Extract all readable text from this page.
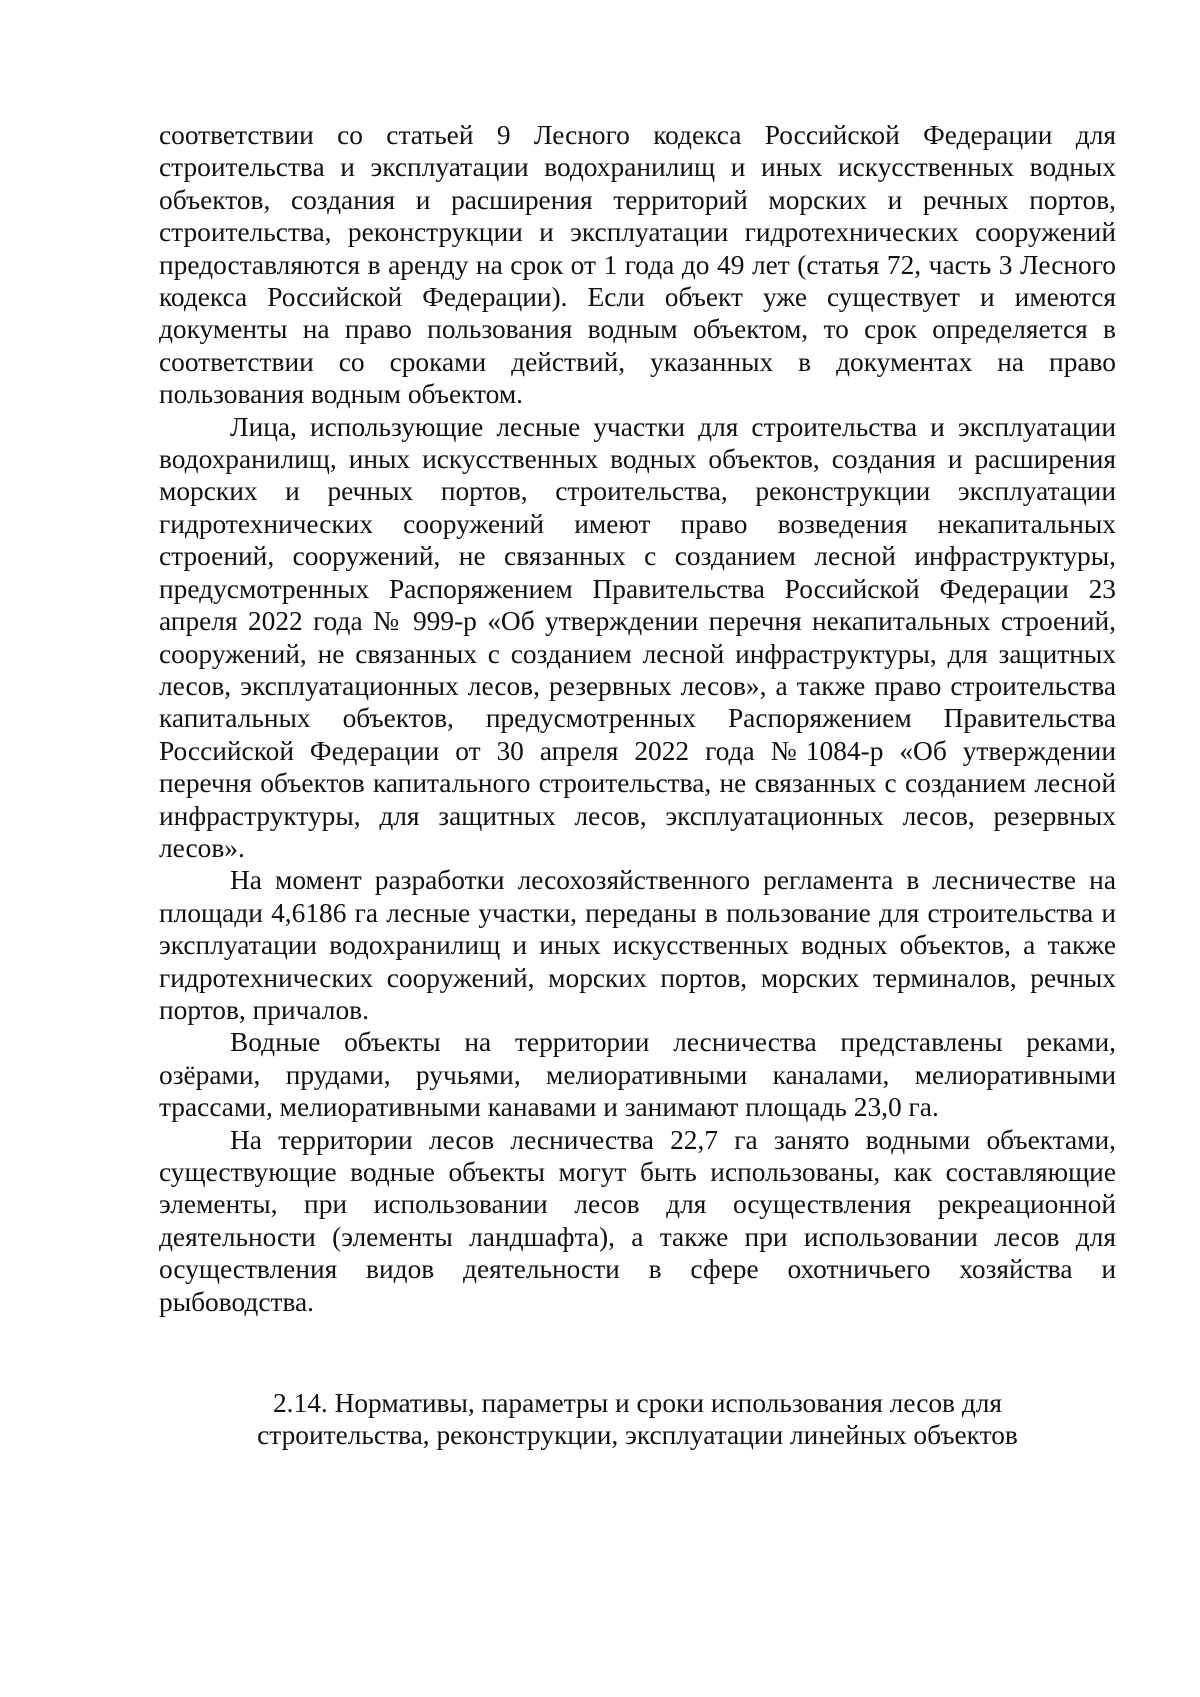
соответствии со статьей 9 Лесного кодекса Российской Федерации для строительства и эксплуатации водохранилищ и иных искусственных водных объектов, создания и расширения территорий морских и речных портов, строительства, реконструкции и эксплуатации гидротехнических сооружений предоставляются в аренду на срок от 1 года до 49 лет (статья 72, часть 3 Лесного кодекса Российской Федерации). Если объект уже существует и имеются документы на право пользования водным объектом, то срок определяется в соответствии со сроками действий, указанных в документах на право пользования водным объектом.

Лица, использующие лесные участки для строительства и эксплуатации водохранилищ, иных искусственных водных объектов, создания и расширения морских и речных портов, строительства, реконструкции эксплуатации гидротехнических сооружений имеют право возведения некапитальных строений, сооружений, не связанных с созданием лесной инфраструктуры, предусмотренных Распоряжением Правительства Российской Федерации 23 апреля 2022 года № 999-р «Об утверждении перечня некапитальных строений, сооружений, не связанных с созданием лесной инфраструктуры, для защитных лесов, эксплуатационных лесов, резервных лесов», а также право строительства капитальных объектов, предусмотренных Распоряжением Правительства Российской Федерации от 30 апреля 2022 года №1084-р «Об утверждении перечня объектов капитального строительства, не связанных с созданием лесной инфраструктуры, для защитных лесов, эксплуатационных лесов, резервных лесов».

На момент разработки лесохозяйственного регламента в лесничестве на площади 4,6186 га лесные участки, переданы в пользование для строительства и эксплуатации водохранилищ и иных искусственных водных объектов, а также гидротехнических сооружений, морских портов, морских терминалов, речных портов, причалов.

Водные объекты на территории лесничества представлены реками, озёрами, прудами, ручьями, мелиоративными каналами, мелиоративными трассами, мелиоративными канавами и занимают площадь 23,0 га.

На территории лесов лесничества 22,7 га занято водными объектами, существующие водные объекты могут быть использованы, как составляющие элементы, при использовании лесов для осуществления рекреационной деятельности (элементы ландшафта), а также при использовании лесов для осуществления видов деятельности в сфере охотничьего хозяйства и рыбоводства.

2.14. Нормативы, параметры и сроки использования лесов для
строительства, реконструкции, эксплуатации линейных объектов
